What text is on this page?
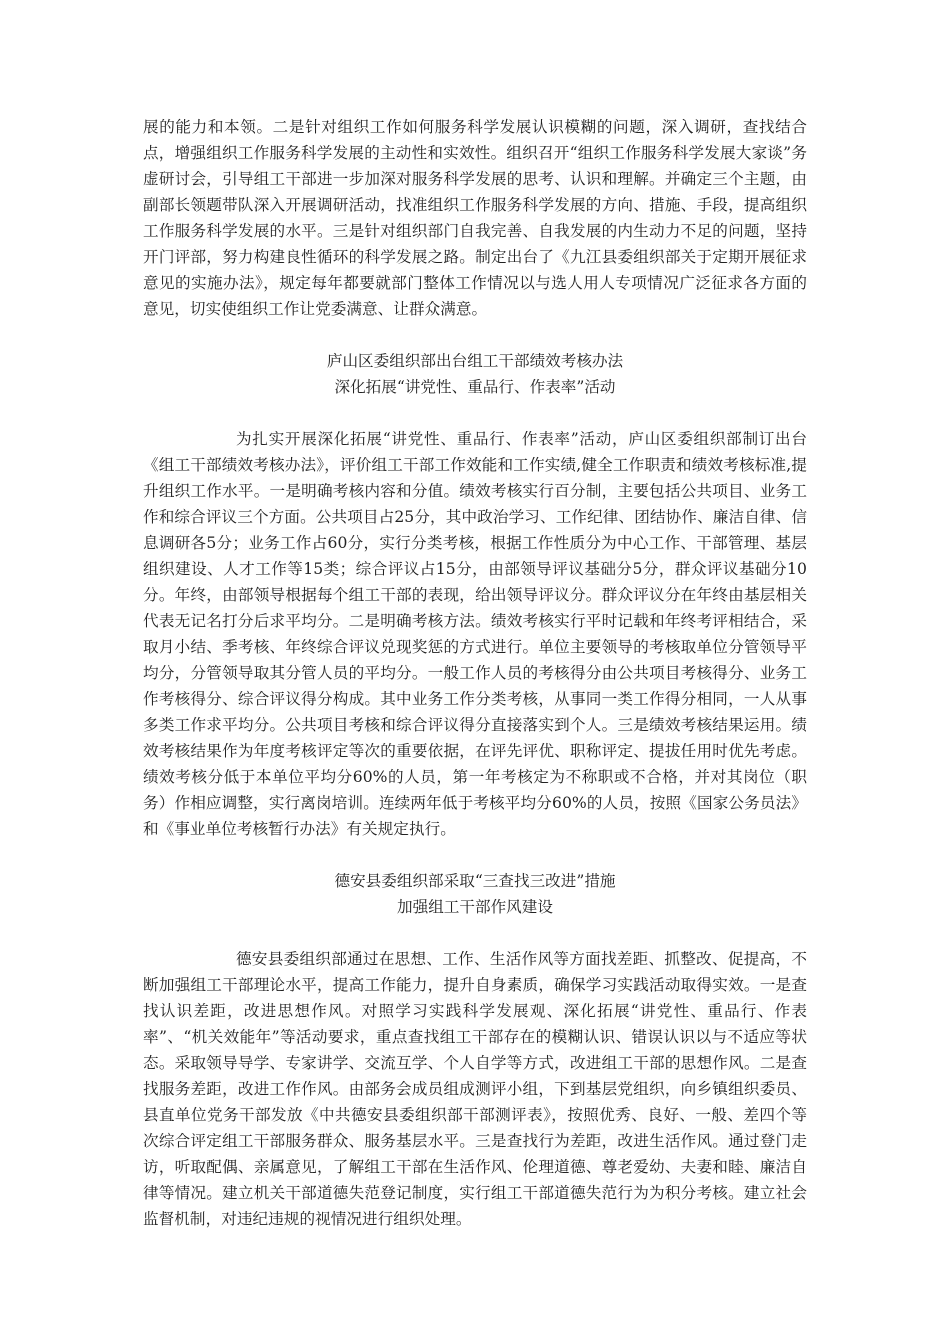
展的能力和本领。二是针对组织工作如何服务科学发展认识模糊的问题，深入调研，查找结合点，增强组织工作服务科学发展的主动性和实效性。组织召开“组织工作服务科学发展大家谈”务虚研讨会，引导组工干部进一步加深对服务科学发展的思考、认识和理解。并确定三个主题，由副部长领题带队深入开展调研活动，找准组织工作服务科学发展的方向、措施、手段，提高组织工作服务科学发展的水平。三是针对组织部门自我完善、自我发展的内生动力不足的问题，坚持开门评部，努力构建良性循环的科学发展之路。制定出台了《九江县委组织部关于定期开展征求意见的实施办法》，规定每年都要就部门整体工作情况以与选人用人专项情况广泛征求各方面的意见，切实使组织工作让党委满意、让群众满意。

庐山区委组织部出台组工干部绩效考核办法
深化拓展“讲党性、重品行、作表率”活动

为扎实开展深化拓展“讲党性、重品行、作表率”活动，庐山区委组织部制订出台《组工干部绩效考核办法》，评价组工干部工作效能和工作实绩,健全工作职责和绩效考核标准,提升组织工作水平。一是明确考核内容和分值。绩效考核实行百分制，主要包括公共项目、业务工作和综合评议三个方面。公共项目占25分，其中政治学习、工作纪律、团结协作、廉洁自律、信息调研各5分；业务工作占60分，实行分类考核，根据工作性质分为中心工作、干部管理、基层组织建设、人才工作等15类；综合评议占15分，由部领导评议基础分5分，群众评议基础分10分。年终，由部领导根据每个组工干部的表现，给出领导评议分。群众评议分在年终由基层相关代表无记名打分后求平均分。二是明确考核方法。绩效考核实行平时记载和年终考评相结合，采取月小结、季考核、年终综合评议兑现奖惩的方式进行。单位主要领导的考核取单位分管领导平均分，分管领导取其分管人员的平均分。一般工作人员的考核得分由公共项目考核得分、业务工作考核得分、综合评议得分构成。其中业务工作分类考核，从事同一类工作得分相同，一人从事多类工作求平均分。公共项目考核和综合评议得分直接落实到个人。三是绩效考核结果运用。绩效考核结果作为年度考核评定等次的重要依据，在评先评优、职称评定、提拔任用时优先考虑。绩效考核分低于本单位平均分60%的人员，第一年考核定为不称职或不合格，并对其岗位（职务）作相应调整，实行离岗培训。连续两年低于考核平均分60%的人员，按照《国家公务员法》和《事业单位考核暂行办法》有关规定执行。

德安县委组织部采取“三查找三改进”措施
加强组工干部作风建设

德安县委组织部通过在思想、工作、生活作风等方面找差距、抓整改、促提高，不断加强组工干部理论水平，提高工作能力，提升自身素质，确保学习实践活动取得实效。一是查找认识差距，改进思想作风。对照学习实践科学发展观、深化拓展“讲党性、重品行、作表率”、“机关效能年”等活动要求，重点查找组工干部存在的模糊认识、错误认识以与不适应等状态。采取领导导学、专家讲学、交流互学、个人自学等方式，改进组工干部的思想作风。二是查找服务差距，改进工作作风。由部务会成员组成测评小组，下到基层党组织，向乡镇组织委员、县直单位党务干部发放《中共德安县委组织部干部测评表》，按照优秀、良好、一般、差四个等次综合评定组工干部服务群众、服务基层水平。三是查找行为差距，改进生活作风。通过登门走访，听取配偶、亲属意见，了解组工干部在生活作风、伦理道德、尊老爱幼、夫妻和睦、廉洁自律等情况。建立机关干部道德失范登记制度，实行组工干部道德失范行为为积分考核。建立社会监督机制，对违纪违规的视情况进行组织处理。
